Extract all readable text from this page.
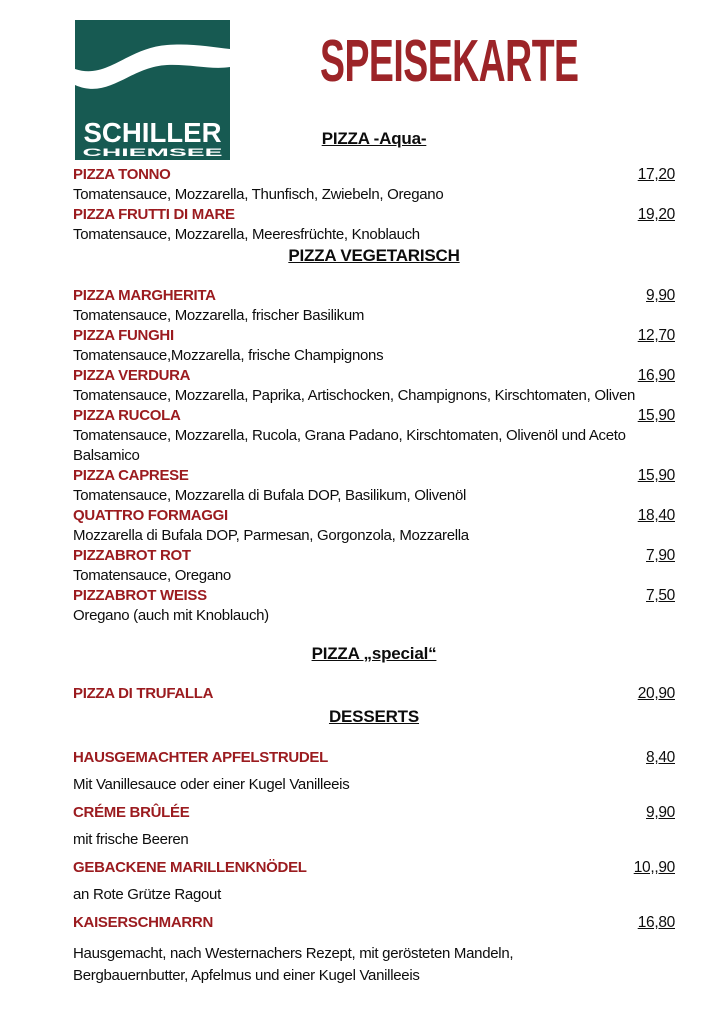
SCHILLER
CHIEMSEE
SPEISEKARTE
PIZZA -Aqua-
PIZZA TONNO	17,20
Tomatensauce, Mozzarella, Thunfisch, Zwiebeln, Oregano
PIZZA FRUTTI DI MARE	19,20
Tomatensauce, Mozzarella, Meeresfrüchte, Knoblauch
PIZZA VEGETARISCH
PIZZA MARGHERITA	9,90
Tomatensauce, Mozzarella, frischer Basilikum
PIZZA FUNGHI	12,70
Tomatensauce,Mozzarella, frische Champignons
PIZZA VERDURA	16,90
Tomatensauce, Mozzarella, Paprika, Artischocken, Champignons, Kirschtomaten, Oliven
PIZZA RUCOLA	15,90
Tomatensauce, Mozzarella, Rucola, Grana Padano, Kirschtomaten, Olivenöl und Aceto
Balsamico
PIZZA CAPRESE	15,90
Tomatensauce, Mozzarella di Bufala DOP, Basilikum, Olivenöl
QUATTRO FORMAGGI	18,40
Mozzarella di Bufala DOP, Parmesan, Gorgonzola, Mozzarella
PIZZABROT ROT	7,90
Tomatensauce, Oregano
PIZZABROT WEISS	7,50
Oregano (auch mit Knoblauch)
PIZZA „special“
PIZZA DI TRUFALLA	20,90
DESSERTS
HAUSGEMACHTER APFELSTRUDEL	8,40
Mit Vanillesauce oder einer Kugel Vanilleeis
CRÉME BRÛLÉE	9,90
mit frische Beeren
GEBACKENE MARILLENKNÖDEL	10,,90
an Rote Grütze Ragout
KAISERSCHMARRN	16,80
Hausgemacht, nach Westernachers Rezept, mit gerösteten Mandeln,
Bergbauernbutter, Apfelmus und einer Kugel Vanilleeis
